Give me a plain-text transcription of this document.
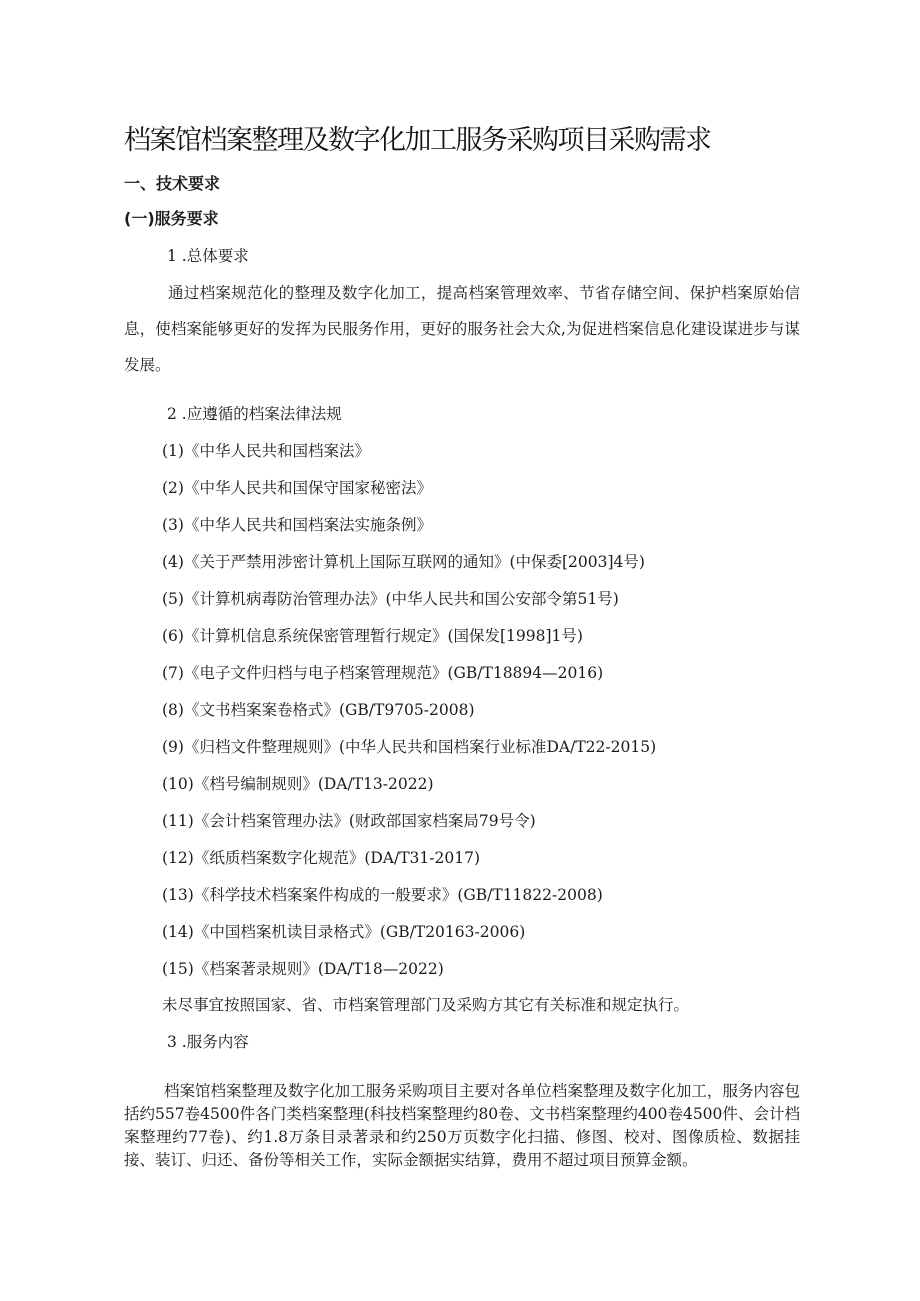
档案馆档案整理及数字化加工服务采购项目采购需求
一、技术要求
(一)服务要求
1 .总体要求
通过档案规范化的整理及数字化加工，提高档案管理效率、节省存储空间、保护档案原始信息，使档案能够更好的发挥为民服务作用，更好的服务社会大众,为促进档案信息化建设谋进步与谋发展。
2 .应遵循的档案法律法规
(1)《中华人民共和国档案法》
(2)《中华人民共和国保守国家秘密法》
(3)《中华人民共和国档案法实施条例》
(4)《关于严禁用涉密计算机上国际互联网的通知》(中保委[2003]4号)
(5)《计算机病毒防治管理办法》(中华人民共和国公安部令第51号)
(6)《计算机信息系统保密管理暂行规定》(国保发[1998]1号)
(7)《电子文件归档与电子档案管理规范》(GB/T18894—2016)
(8)《文书档案案卷格式》(GB/T9705-2008)
(9)《归档文件整理规则》(中华人民共和国档案行业标准DA/T22-2015)
(10)《档号编制规则》(DA/T13-2022)
(11)《会计档案管理办法》(财政部国家档案局79号令)
(12)《纸质档案数字化规范》(DA/T31-2017)
(13)《科学技术档案案件构成的一般要求》(GB/T11822-2008)
(14)《中国档案机读目录格式》(GB/T20163-2006)
(15)《档案著录规则》(DA/T18—2022)
未尽事宜按照国家、省、市档案管理部门及采购方其它有关标准和规定执行。
3 .服务内容
档案馆档案整理及数字化加工服务采购项目主要对各单位档案整理及数字化加工，服务内容包括约557卷4500件各门类档案整理(科技档案整理约80卷、文书档案整理约400卷4500件、会计档案整理约77卷)、约1.8万条目录著录和约250万页数字化扫描、修图、校对、图像质检、数据挂接、装订、归还、备份等相关工作，实际金额据实结算，费用不超过项目预算金额。
